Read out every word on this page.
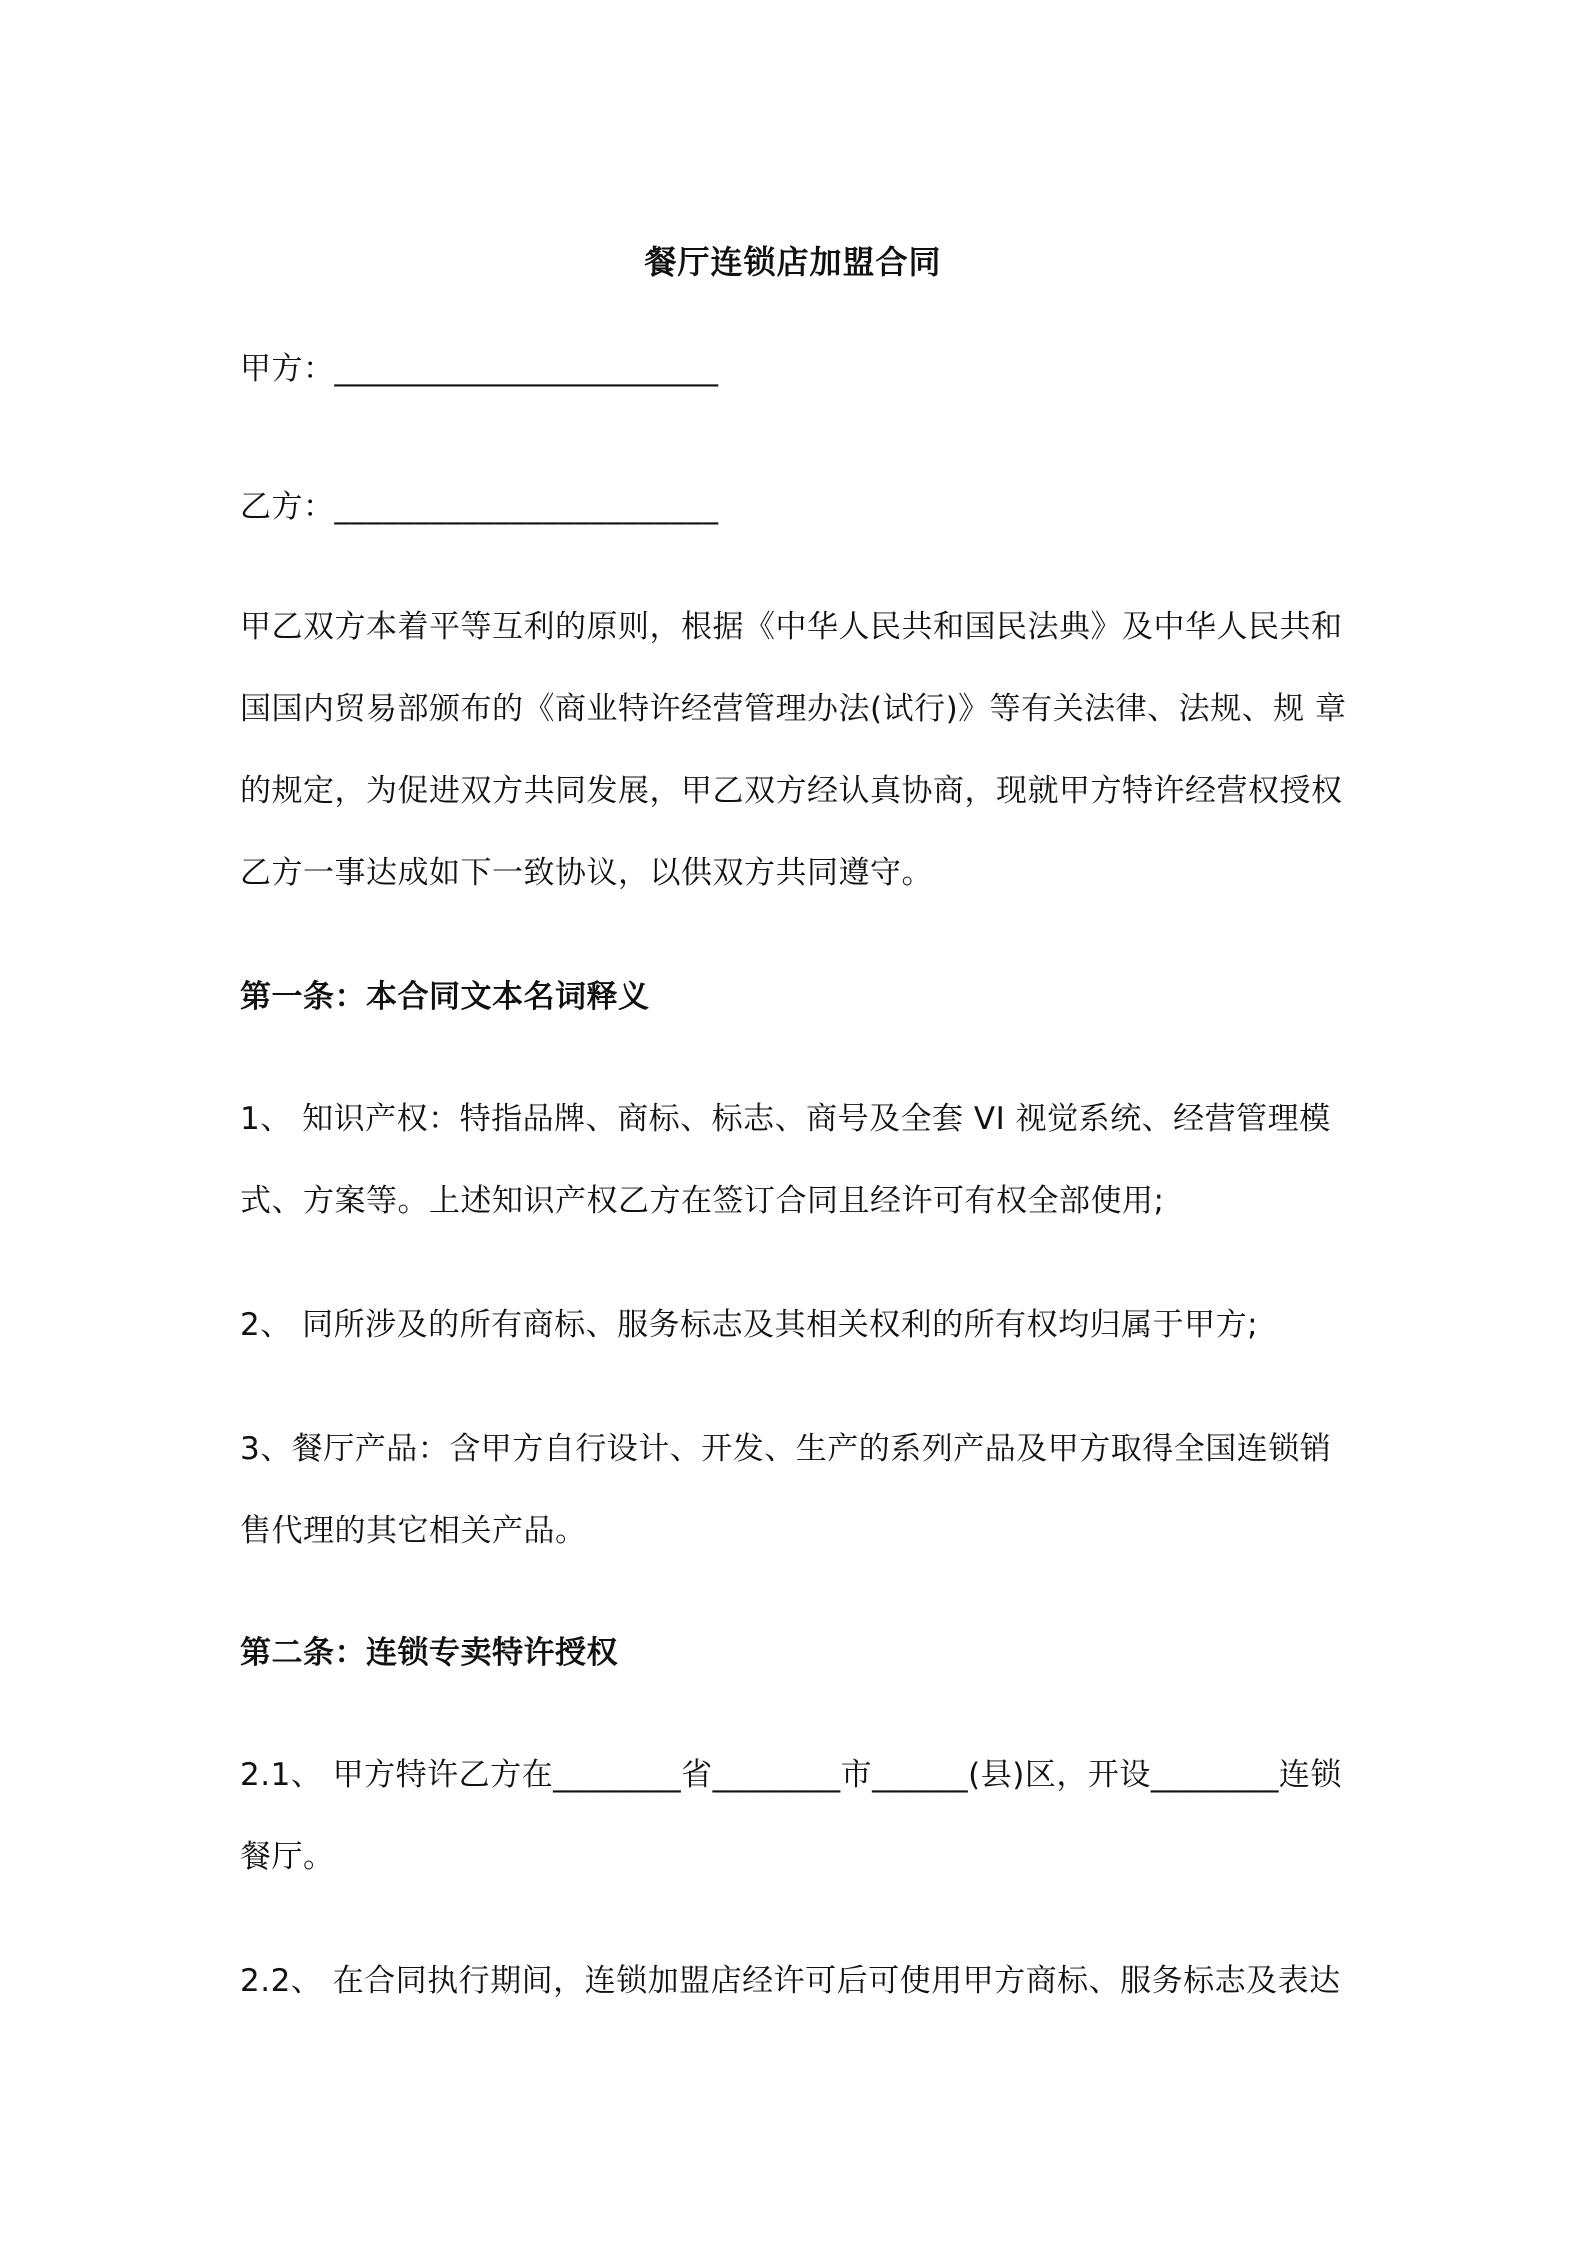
餐厅连锁店加盟合同
甲方：________________________
乙方：________________________
甲乙双方本着平等互利的原则，根据《中华人民共和国民法典》及中华人民共和
国国内贸易部颁布的《商业特许经营管理办法(试行)》等有关法律、法规、规 章
的规定，为促进双方共同发展，甲乙双方经认真协商，现就甲方特许经营权授权
乙方一事达成如下一致协议，以供双方共同遵守。
第一条：本合同文本名词释义
1、 知识产权：特指品牌、商标、标志、商号及全套 VI 视觉系统、经营管理模
式、方案等。上述知识产权乙方在签订合同且经许可有权全部使用;
2、 同所涉及的所有商标、服务标志及其相关权利的所有权均归属于甲方;
3、餐厅产品：含甲方自行设计、开发、生产的系列产品及甲方取得全国连锁销
售代理的其它相关产品。
第二条：连锁专卖特许授权
2.1、 甲方特许乙方在________省________市______(县)区，开设________连锁
餐厅。
2.2、 在合同执行期间，连锁加盟店经许可后可使用甲方商标、服务标志及表达
